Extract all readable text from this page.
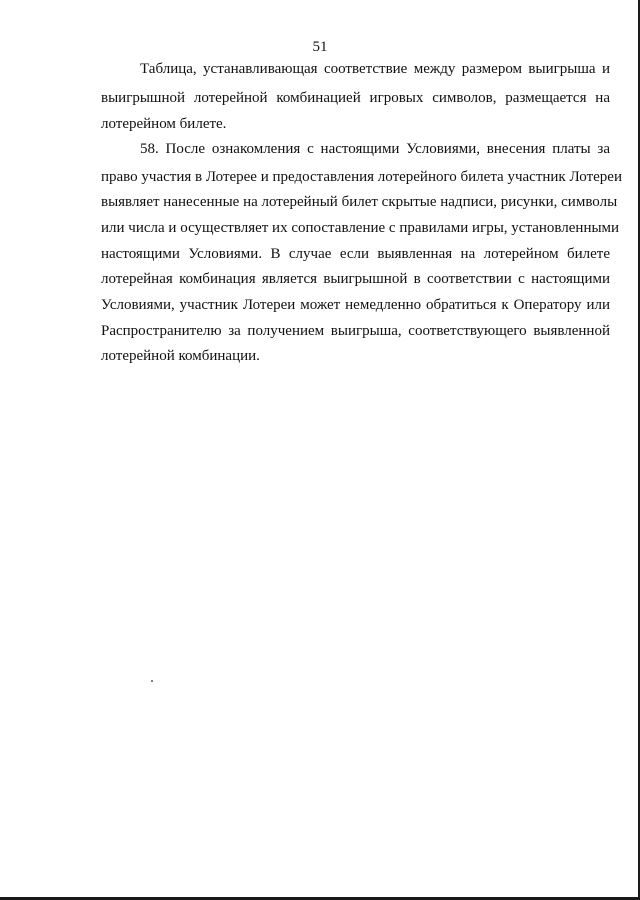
51
Таблица, устанавливающая соответствие между размером выигрыша и
выигрышной лотерейной комбинацией игровых символов, размещается на
лотерейном билете.
58. После ознакомления с настоящими Условиями, внесения платы за
право участия в Лотерее и предоставления лотерейного билета участник Лотереи
выявляет нанесенные на лотерейный билет скрытые надписи, рисунки, символы
или числа и осуществляет их сопоставление с правилами игры, установленными
настоящими Условиями. В случае если выявленная на лотерейном билете
лотерейная комбинация является выигрышной в соответствии с настоящими
Условиями, участник Лотереи может немедленно обратиться к Оператору или
Распространителю за получением выигрыша, соответствующего выявленной
лотерейной комбинации.
